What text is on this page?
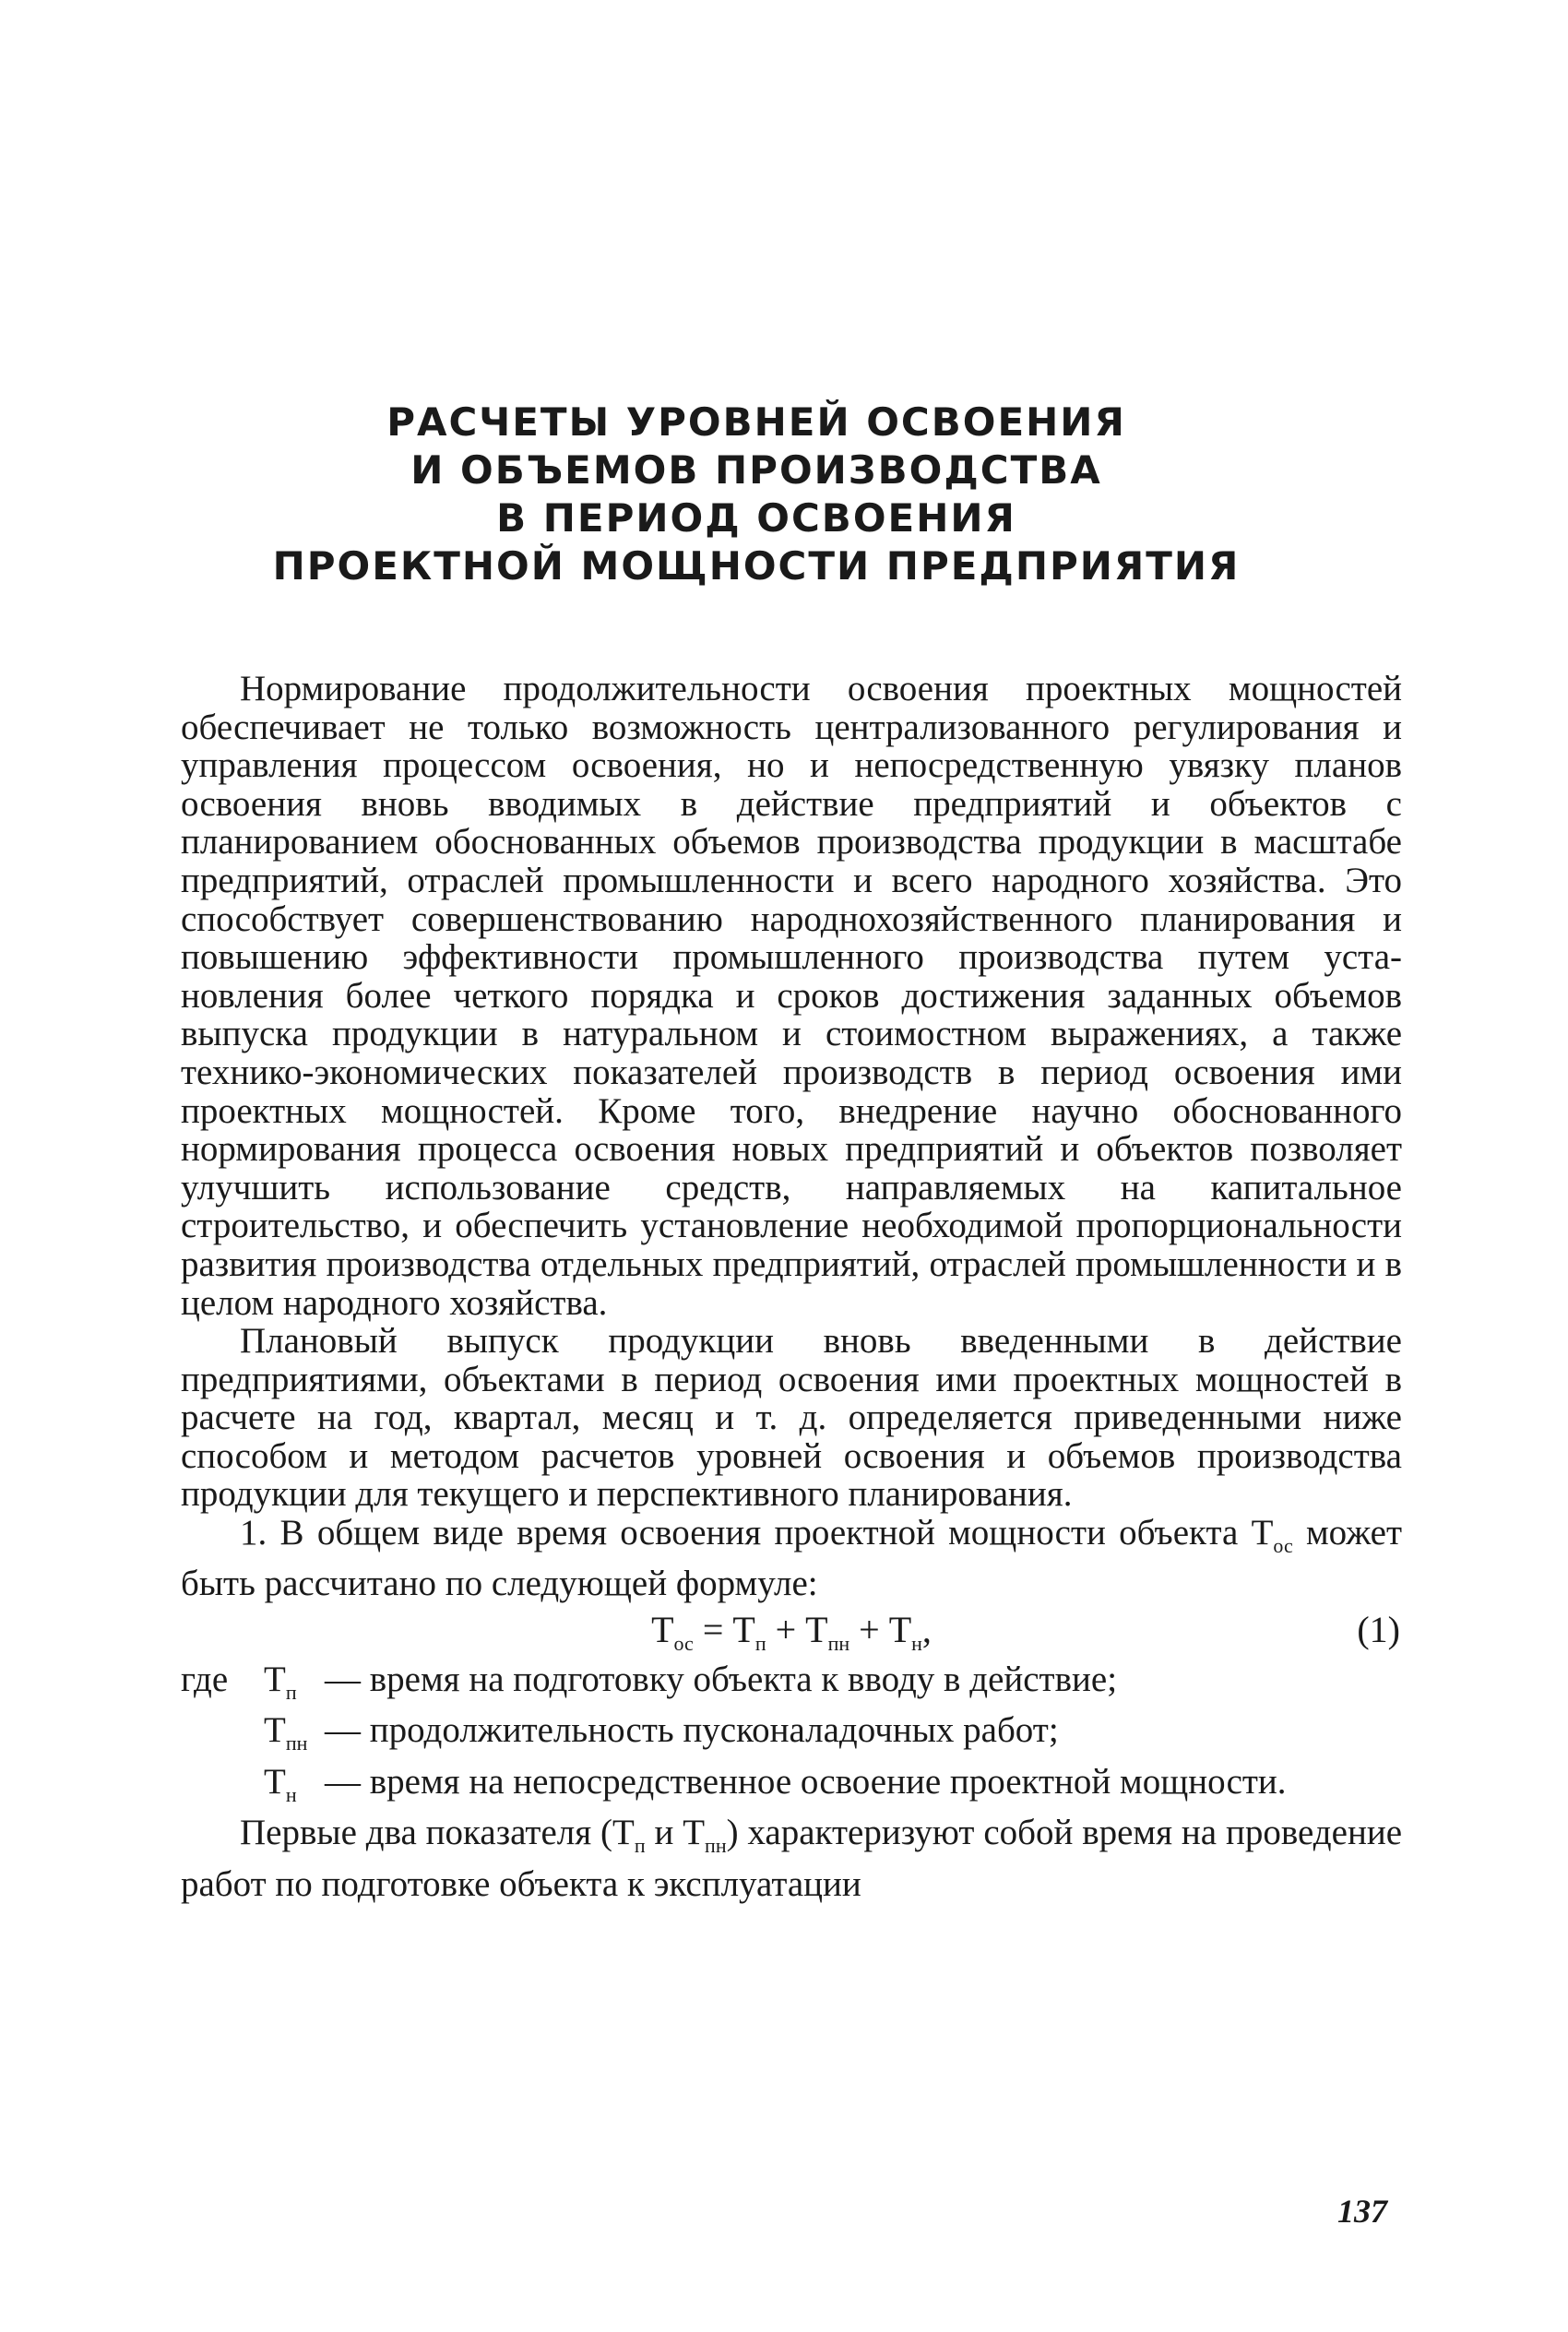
РАСЧЕТЫ УРОВНЕЙ ОСВОЕНИЯ
И ОБЪЕМОВ ПРОИЗВОДСТВА
В ПЕРИОД ОСВОЕНИЯ
ПРОЕКТНОЙ МОЩНОСТИ ПРЕДПРИЯТИЯ

Нормирование продолжительности освоения проектных мощностей обеспечивает не только возможность централизованного регулирования и управления процессом освоения, но и непосредственную увязку планов освоения вновь вводимых в действие предприятий и объектов с планированием обоснованных объемов производства продукции в масштабе предприятий, отраслей промышленности и всего народного хозяйства. Это способствует совершенствованию народнохозяйственного планирования и повышению эффективности промышленного производства путем установления более четкого порядка и сроков достижения заданных объемов выпуска продукции в натуральном и стоимостном выражениях, а также технико-экономических показателей производств в период освоения ими проектных мощностей. Кроме того, внедрение научно обоснованного нормирования процесса освоения новых предприятий и объектов позволяет улучшить использование средств, направляемых на капитальное строительство, и обеспечить установление необходимой пропорциональности развития производства отдельных предприятий, отраслей промышленности и в целом народного хозяйства.

Плановый выпуск продукции вновь введенными в действие предприятиями, объектами в период освоения ими проектных мощностей в расчете на год, квартал, месяц и т. д. определяется приведенными ниже способом и методом расчетов уровней освоения и объемов производства продукции для текущего и перспективного планирования.

1. В общем виде время освоения проектной мощности объекта $Т_{ос}$ может быть рассчитано по следующей формуле:

$Т_{ос} = Т_п + Т_{пн} + Т_н$,	(1)
где $Т_п$ — время на подготовку объекта к вводу в действие;
$Т_{пн}$ — продолжительность пусконаладочных работ;
$Т_н$ — время на непосредственное освоение проектной мощности.

Первые два показателя ($Т_п$ и $Т_{пн}$) характеризуют собой время на проведение работ по подготовке объекта к эксплуатации

137
